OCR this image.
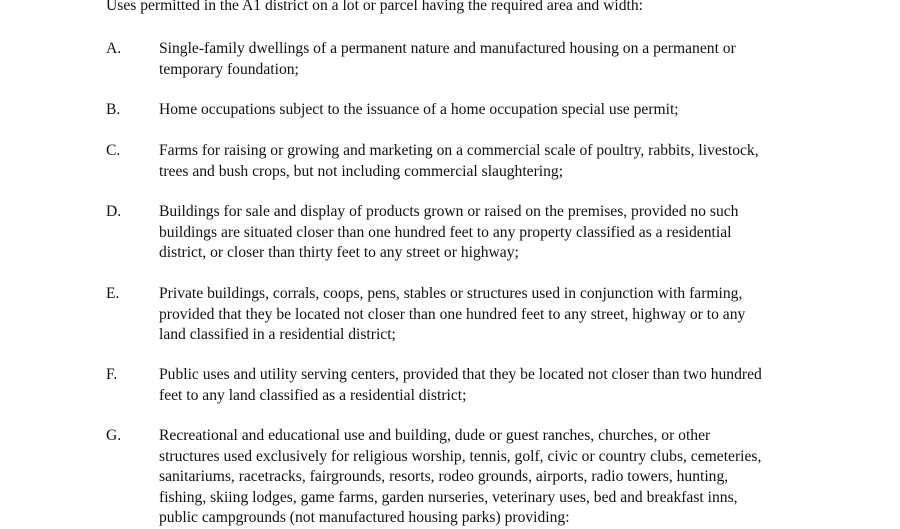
Uses permitted in the A1 district on a lot or parcel having the required area and width:
A. Single-family dwellings of a permanent nature and manufactured housing on a permanent or
temporary foundation;
B. Home occupations subject to the issuance of a home occupation special use permit;
C. Farms for raising or growing and marketing on a commercial scale of poultry, rabbits, livestock,
trees and bush crops, but not including commercial slaughtering;
D. Buildings for sale and display of products grown or raised on the premises, provided no such
buildings are situated closer than one hundred feet to any property classified as a residential
district, or closer than thirty feet to any street or highway;
E.	Private buildings, corrals, coops, pens, stables or structures used in conjunction with farming,
provided that they be located not closer than one hundred feet to any street, highway or to any
land classified in a residential district;
F.	Public uses and utility serving centers, provided that they be located not closer than two hundred
feet to any land classified as a residential district;
G. Recreational and educational use and building, dude or guest ranches, churches, or other
structures used exclusively for religious worship, tennis, golf, civic or country clubs, cemeteries,
sanitariums, racetracks, fairgrounds, resorts, rodeo grounds, airports, radio towers, hunting,
fishing, skiing lodges, game farms, garden nurseries, veterinary uses, bed and breakfast inns,
public campgrounds (not manufactured housing parks) providing:
